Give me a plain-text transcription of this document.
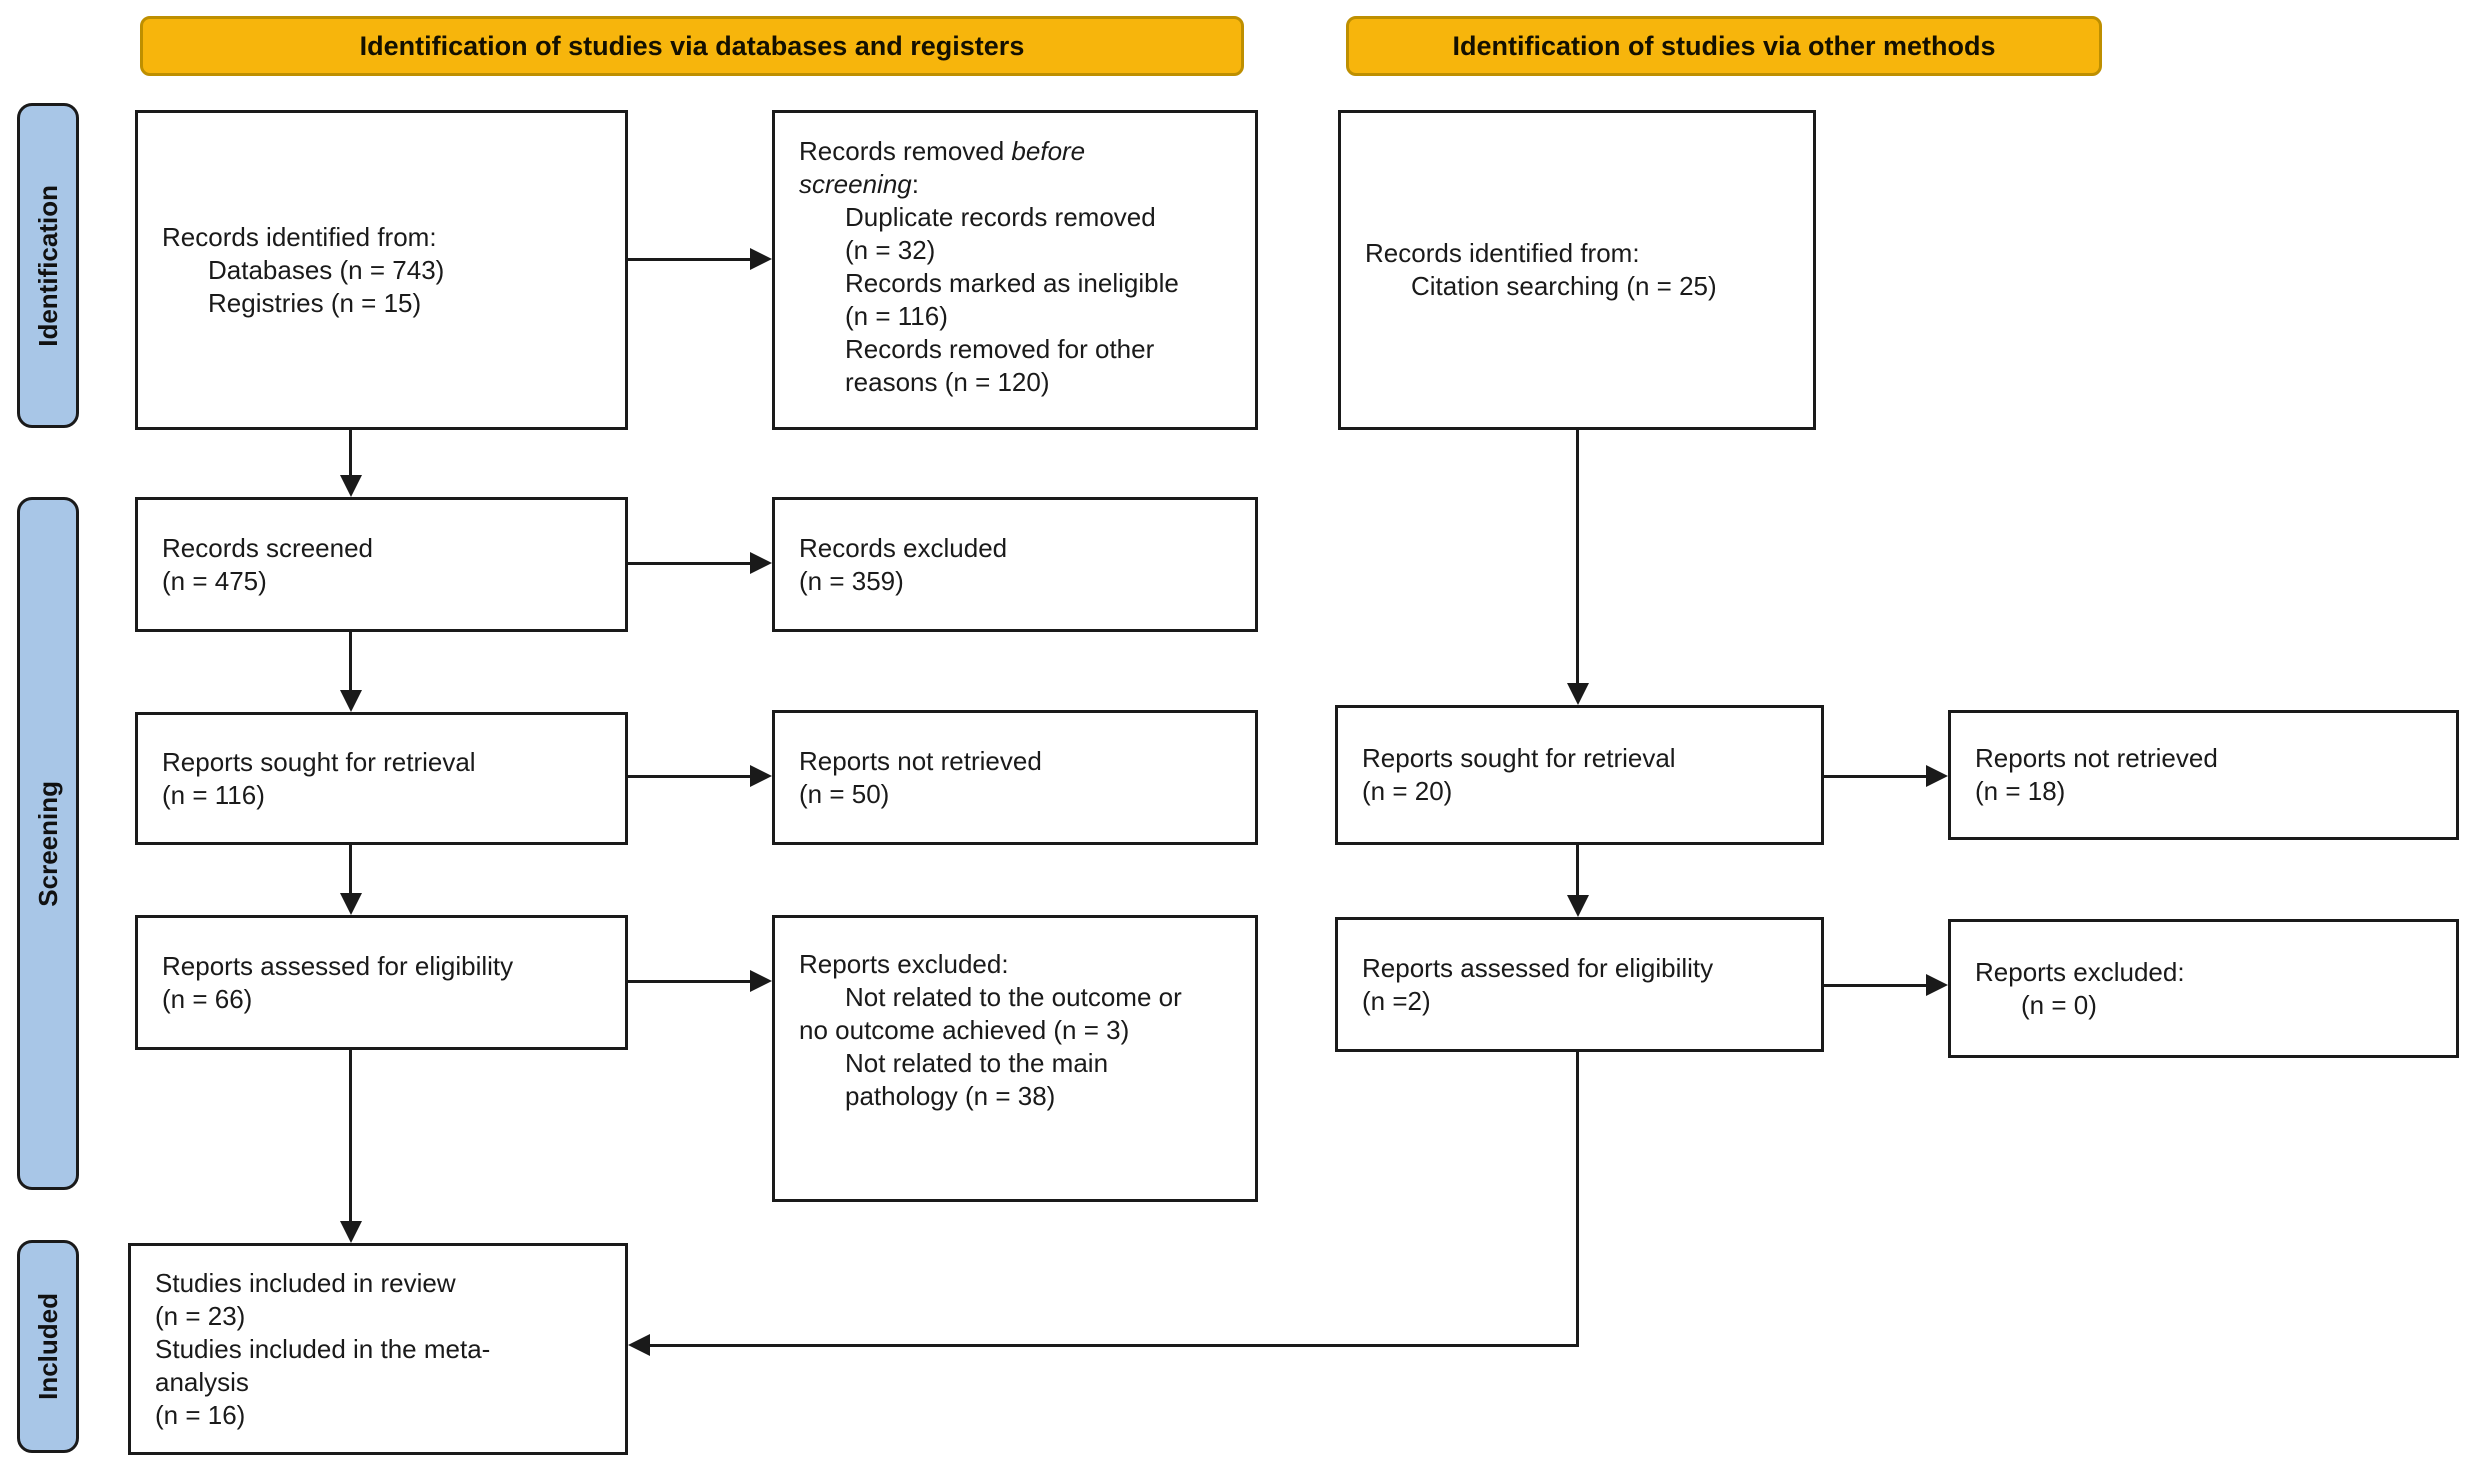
Identification of studies via databases and registers	Identification of studies via other methods
Identification
Screening
Included
Records identified from:
Databases (n = 743)
Registries (n = 15)
Records screened
(n = 475)
Reports sought for retrieval
(n = 116)
Reports assessed for eligibility
(n = 66)
Studies included in review
(n = 23)
Studies included in the meta-
analysis
(n = 16)
Records removed before
screening:
Duplicate records removed
(n = 32)
Records marked as ineligible
(n = 116)
Records removed for other
reasons (n = 120)
Records excluded
(n = 359)
Reports not retrieved
(n = 50)
Reports excluded:
Not related to the outcome or
no outcome achieved (n = 3)
Not related to the main
pathology (n = 38)
Records identified from:
Citation searching (n = 25)
Reports sought for retrieval
(n = 20)
Reports assessed for eligibility
(n =2)
Reports not retrieved
(n = 18)
Reports excluded:
(n = 0)
